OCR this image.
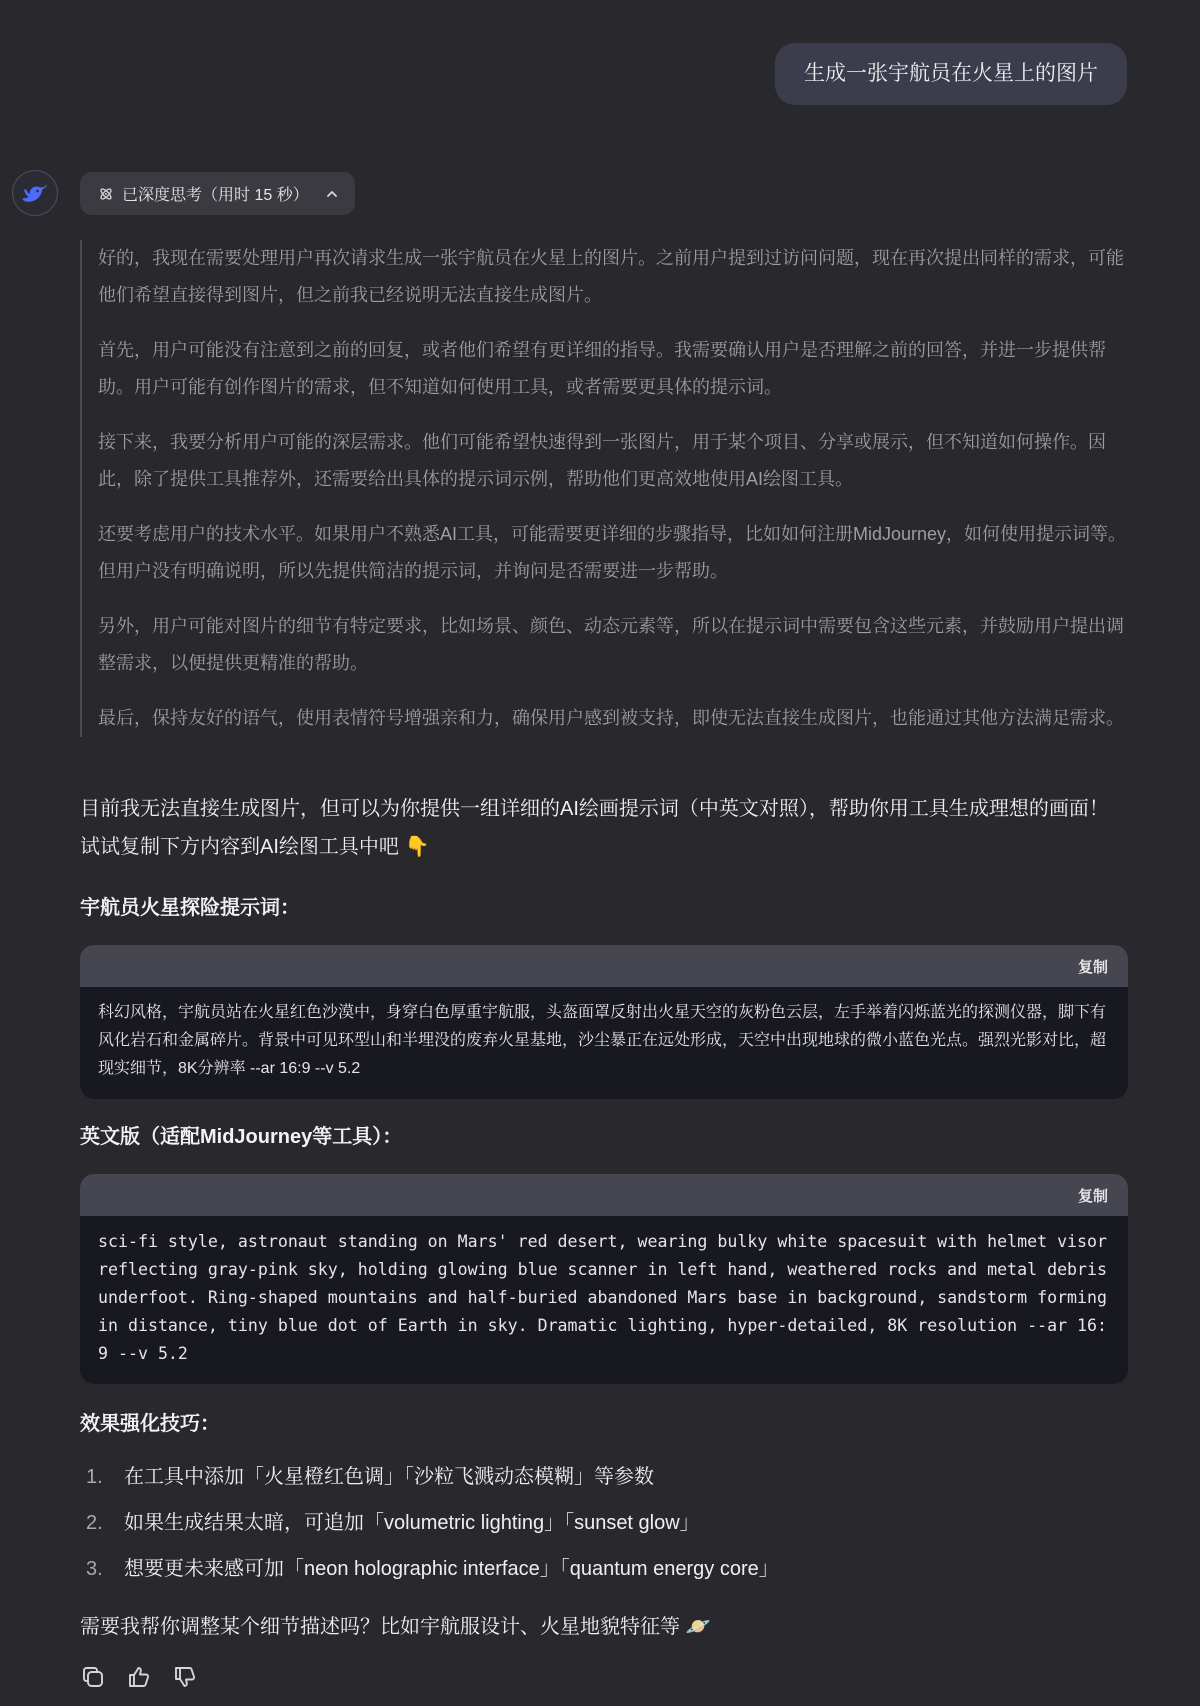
生成一张宇航员在火星上的图片
已深度思考（用时 15 秒）

好的，我现在需要处理用户再次请求生成一张宇航员在火星上的图片。之前用户提到过访问问题，现在再次提出同样的需求，可能他们希望直接得到图片，但之前我已经说明无法直接生成图片。

首先，用户可能没有注意到之前的回复，或者他们希望有更详细的指导。我需要确认用户是否理解之前的回答，并进一步提供帮助。用户可能有创作图片的需求，但不知道如何使用工具，或者需要更具体的提示词。

接下来，我要分析用户可能的深层需求。他们可能希望快速得到一张图片，用于某个项目、分享或展示，但不知道如何操作。因此，除了提供工具推荐外，还需要给出具体的提示词示例，帮助他们更高效地使用AI绘图工具。

还要考虑用户的技术水平。如果用户不熟悉AI工具，可能需要更详细的步骤指导，比如如何注册MidJourney，如何使用提示词等。但用户没有明确说明，所以先提供简洁的提示词，并询问是否需要进一步帮助。

另外，用户可能对图片的细节有特定要求，比如场景、颜色、动态元素等，所以在提示词中需要包含这些元素，并鼓励用户提出调整需求，以便提供更精准的帮助。

最后，保持友好的语气，使用表情符号增强亲和力，确保用户感到被支持，即使无法直接生成图片，也能通过其他方法满足需求。

目前我无法直接生成图片，但可以为你提供一组详细的AI绘画提示词（中英文对照），帮助你用工具生成理想的画面！试试复制下方内容到AI绘图工具中吧 👇

宇航员火星探险提示词：
复制
科幻风格，宇航员站在火星红色沙漠中，身穿白色厚重宇航服，头盔面罩反射出火星天空的灰粉色云层，左手举着闪烁蓝光的探测仪器，脚下有风化岩石和金属碎片。背景中可见环型山和半埋没的废弃火星基地，沙尘暴正在远处形成，天空中出现地球的微小蓝色光点。强烈光影对比，超现实细节，8K分辨率 --ar 16:9 --v 5.2
英文版（适配MidJourney等工具）：
复制
sci-fi style, astronaut standing on Mars' red desert, wearing bulky white spacesuit with helmet visor reflecting gray-pink sky, holding glowing blue scanner in left hand, weathered rocks and metal debris underfoot. Ring-shaped mountains and half-buried abandoned Mars base in background, sandstorm forming in distance, tiny blue dot of Earth in sky. Dramatic lighting, hyper-detailed, 8K resolution --ar 16:9 --v 5.2
效果强化技巧：
1.	在工具中添加「火星橙红色调」「沙粒飞溅动态模糊」等参数
2.	如果生成结果太暗，可追加「volumetric lighting」「sunset glow」
3.	想要更未来感可加「neon holographic interface」「quantum energy core」

需要我帮你调整某个细节描述吗？比如宇航服设计、火星地貌特征等 🪐
